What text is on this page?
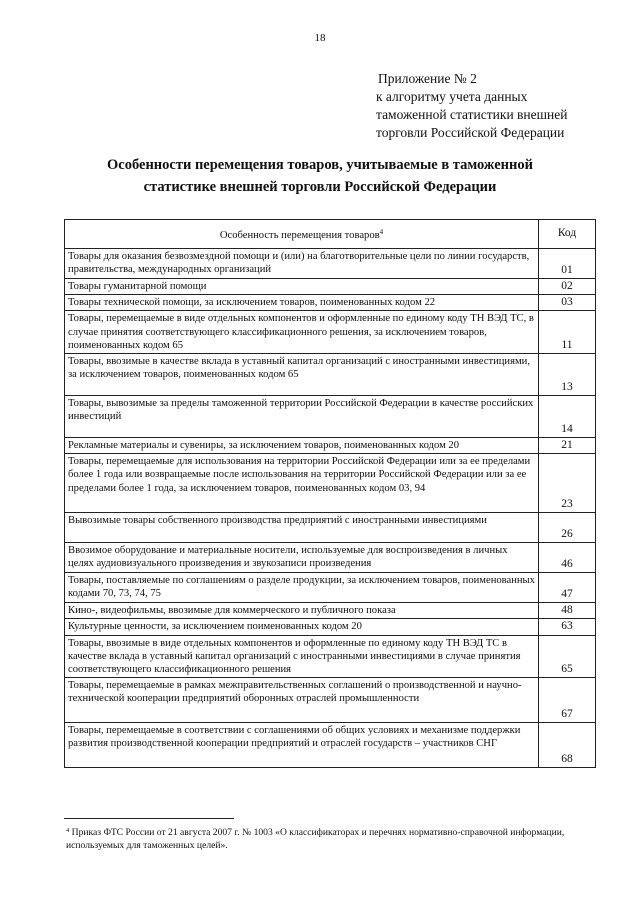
18
Приложение № 2
к алгоритму учета данных
таможенной статистики внешней
торговли Российской Федерации
Особенности перемещения товаров, учитываемые в таможенной
статистике внешней торговли Российской Федерации
Особенность перемещения товаров$^4$	Код
Товары для оказания безвозмездной помощи и (или) на благотворительные цели по линии государств, правительства, международных организаций	01
Товары гуманитарной помощи	02
Товары технической помощи, за исключением товаров, поименованных кодом 22	03
Товары, перемещаемые в виде отдельных компонентов и оформленные по единому коду ТН ВЭД ТС, в случае принятия соответствующего классификационного решения, за исключением товаров, поименованных кодом 65	11
Товары, ввозимые в качестве вклада в уставный капитал организаций с иностранными инвестициями, за исключением товаров, поименованных кодом 65	13
Товары, вывозимые за пределы таможенной территории Российской Федерации в качестве российских инвестиций	14
Рекламные материалы и сувениры, за исключением товаров, поименованных кодом 20	21
Товары, перемещаемые для использования на территории Российской Федерации или за ее пределами более 1 года или возвращаемые после использования на территории Российской Федерации или за ее пределами более 1 года, за исключением товаров, поименованных кодом 03, 94	23
Вывозимые товары собственного производства предприятий с иностранными инвестициями	26
Ввозимое оборудование и материальные носители, используемые для воспроизведения в личных целях аудиовизуального произведения и звукозаписи произведения	46
Товары, поставляемые по соглашениям о разделе продукции, за исключением товаров, поименованных кодами 70, 73, 74, 75	47
Кино-, видеофильмы, ввозимые для коммерческого и публичного показа	48
Культурные ценности, за исключением поименованных кодом 20	63
Товары, ввозимые в виде отдельных компонентов и оформленные по единому коду ТН ВЭД ТС в качестве вклада в уставный капитал организаций с иностранными инвестициями в случае принятия соответствующего классификационного решения	65
Товары, перемещаемые в рамках межправительственных соглашений о производственной и научно-технической кооперации предприятий оборонных отраслей промышленности	67
Товары, перемещаемые в соответствии с соглашениями об общих условиях и механизме поддержки развития производственной кооперации предприятий и отраслей государств – участников СНГ	68
$^4$ Приказ ФТС России от 21 августа 2007 г. № 1003 «О классификаторах и перечнях нормативно-справочной информации, используемых для таможенных целей».
